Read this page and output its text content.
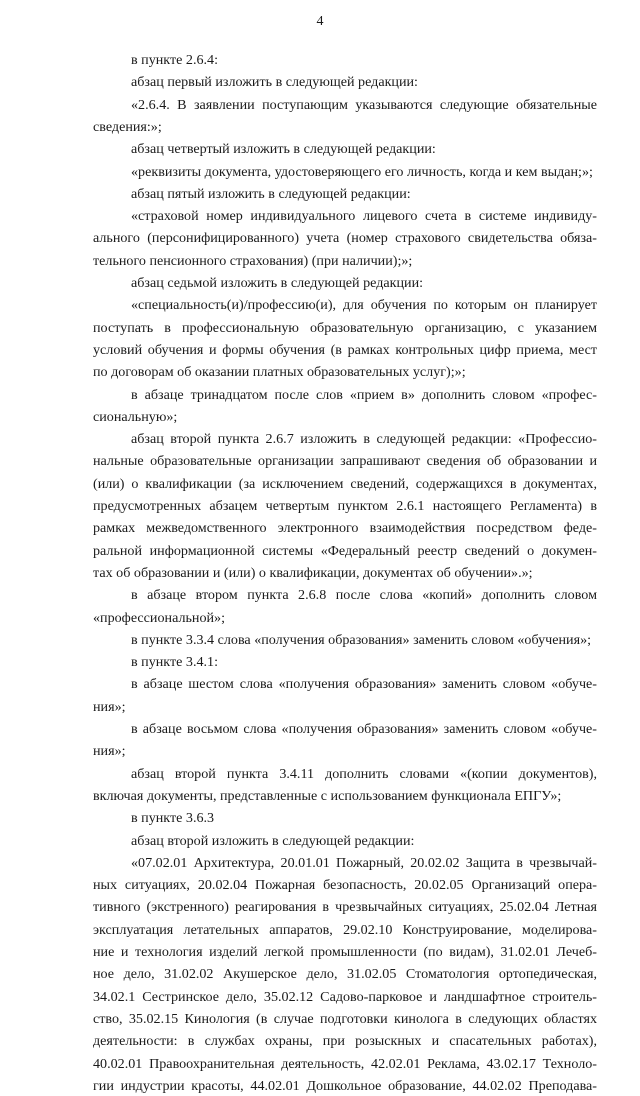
4
в пункте 2.6.4:
абзац первый изложить в следующей редакции:
«2.6.4. В заявлении поступающим указываются следующие обязательные
сведения:»;
абзац четвертый изложить в следующей редакции:
«реквизиты документа, удостоверяющего его личность, когда и кем выдан;»;
абзац пятый изложить в следующей редакции:
«страховой номер индивидуального лицевого счета в системе индивиду-
ального (персонифицированного) учета (номер страхового свидетельства обяза-
тельного пенсионного страхования) (при наличии);»;
абзац седьмой изложить в следующей редакции:
«специальность(и)/профессию(и), для обучения по которым он планирует
поступать в профессиональную образовательную организацию, с указанием
условий обучения и формы обучения (в рамках контрольных цифр приема, мест
по договорам об оказании платных образовательных услуг);»;
в абзаце тринадцатом после слов «прием в» дополнить словом «профес-
сиональную»;
абзац второй пункта 2.6.7 изложить в следующей редакции: «Профессио-
нальные образовательные организации запрашивают сведения об образовании и
(или) о квалификации (за исключением сведений, содержащихся в документах,
предусмотренных абзацем четвертым пунктом 2.6.1 настоящего Регламента) в
рамках межведомственного электронного взаимодействия посредством феде-
ральной информационной системы «Федеральный реестр сведений о докумен-
тах об образовании и (или) о квалификации, документах об обучении».»;
в абзаце втором пункта 2.6.8 после слова «копий» дополнить словом
«профессиональной»;
в пункте 3.3.4 слова «получения образования» заменить словом «обучения»;
в пункте 3.4.1:
в абзаце шестом слова «получения образования» заменить словом «обуче-
ния»;
в абзаце восьмом слова «получения образования» заменить словом «обуче-
ния»;
абзац второй пункта 3.4.11 дополнить словами «(копии документов),
включая документы, представленные с использованием функционала ЕПГУ»;
в пункте 3.6.3
абзац второй изложить в следующей редакции:
«07.02.01 Архитектура, 20.01.01 Пожарный, 20.02.02 Защита в чрезвычай-
ных ситуациях, 20.02.04 Пожарная безопасность, 20.02.05 Организаций опера-
тивного (экстренного) реагирования в чрезвычайных ситуациях, 25.02.04 Летная
эксплуатация летательных аппаратов, 29.02.10 Конструирование, моделирова-
ние и технология изделий легкой промышленности (по видам), 31.02.01 Лечеб-
ное дело, 31.02.02 Акушерское дело, 31.02.05 Стоматология ортопедическая,
34.02.1 Сестринское дело, 35.02.12 Садово-парковое и ландшафтное строитель-
ство, 35.02.15 Кинология (в случае подготовки кинолога в следующих областях
деятельности: в службах охраны, при розыскных и спасательных работах),
40.02.01 Правоохранительная деятельность, 42.02.01 Реклама, 43.02.17 Техноло-
гии индустрии красоты, 44.02.01 Дошкольное образование, 44.02.02 Преподава-
